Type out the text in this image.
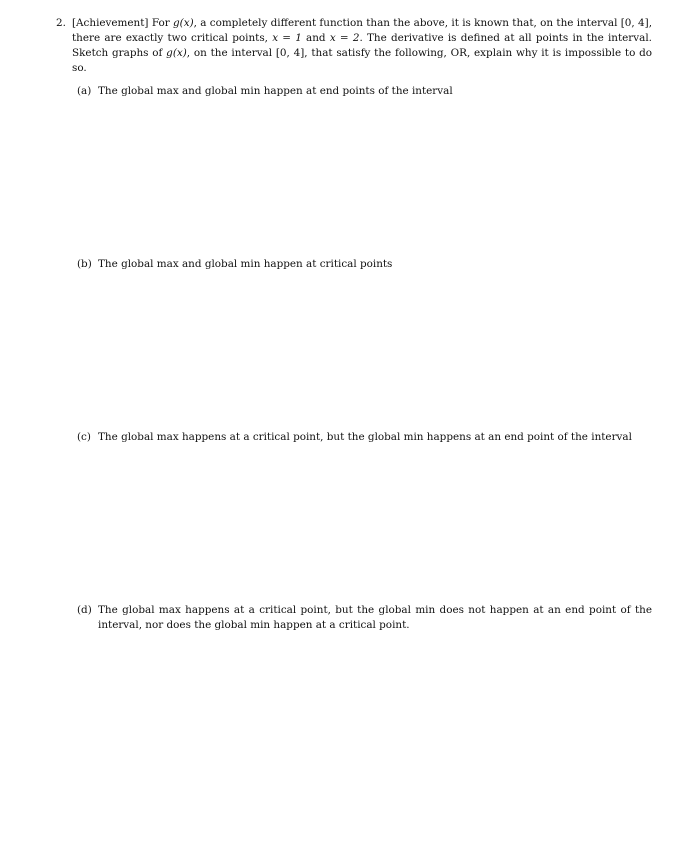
2. [Achievement] For g(x), a completely different function than the above, it is known that, on the interval [0, 4], there are exactly two critical points, x = 1 and x = 2. The derivative is defined at all points in the interval. Sketch graphs of g(x), on the interval [0, 4], that satisfy the following, OR, explain why it is impossible to do so.
(a) The global max and global min happen at end points of the interval
(b) The global max and global min happen at critical points
(c) The global max happens at a critical point, but the global min happens at an end point of the interval
(d) The global max happens at a critical point, but the global min does not happen at an end point of the interval, nor does the global min happen at a critical point.
